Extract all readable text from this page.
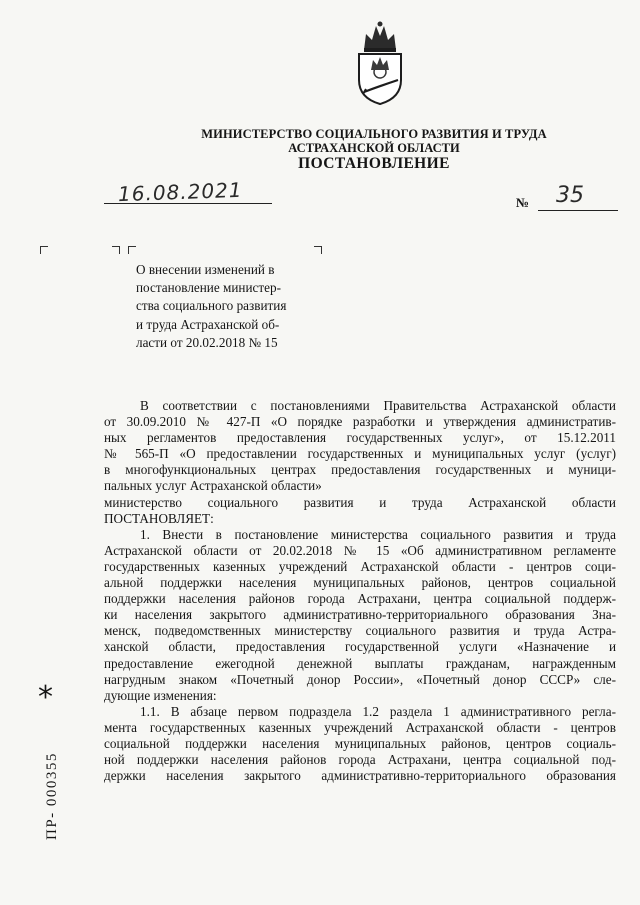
МИНИСТЕРСТВО СОЦИАЛЬНОГО РАЗВИТИЯ И ТРУДА
АСТРАХАНСКОЙ ОБЛАСТИ
ПОСТАНОВЛЕНИЕ
16.08.2021	№ 35

О внесении изменений в

постановление министер-

ства социального развития

и труда Астраханской об-

ласти от 20.02.2018 № 15

В соответствии с постановлениями Правительства Астраханской области

от 30.09.2010 № 427-П «О порядке разработки и утверждения административ-

ных регламентов предоставления государственных услуг», от 15.12.2011

№ 565-П «О предоставлении государственных и муниципальных услуг (услуг)

в многофункциональных центрах предоставления государственных и муници-

пальных услуг Астраханской области»

министерство социального развития и труда Астраханской области

ПОСТАНОВЛЯЕТ:

1. Внести в постановление министерства социального развития и труда

Астраханской области от 20.02.2018 № 15 «Об административном регламенте

государственных казенных учреждений Астраханской области - центров соци-

альной поддержки населения муниципальных районов, центров социальной

поддержки населения районов города Астрахани, центра социальной поддерж-

ки населения закрытого административно-территориального образования Зна-

менск, подведомственных министерству социального развития и труда Астра-

ханской области, предоставления государственной услуги «Назначение и

предоставление ежегодной денежной выплаты гражданам, награжденным

нагрудным знаком «Почетный донор России», «Почетный донор СССР» сле-

дующие изменения:

1.1. В абзаце первом подраздела 1.2 раздела 1 административного регла-

мента государственных казенных учреждений Астраханской области - центров

социальной поддержки населения муниципальных районов, центров социаль-

ной поддержки населения районов города Астрахани, центра социальной под-

держки населения закрытого административно-территориального образования

*
ПР- 000355
